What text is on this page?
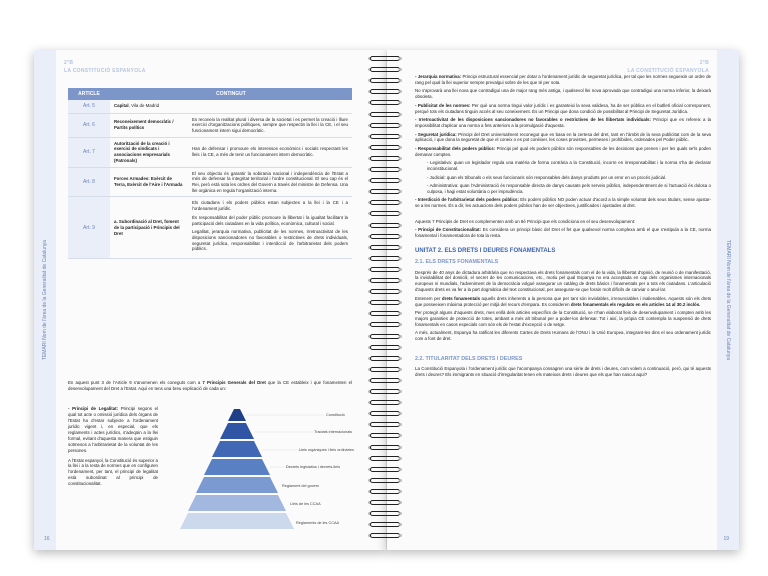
TEMARI Nom de l'àrea de la Generalitat de Catalunya
2°B
LA CONSTITUCIÓ ESPANYOLA
ARTICLE	CONTINGUT	
Art. 5	Capital, Vila de Madrid	
Art. 6	Reconeixement democràtic / Partits polítics	Es reconeix la realitat plural i diversa de la societat i es permet la creació i lliure exercici d'organitzacions polítiques, sempre que respectin la llei i la CE, i el seu funcionament intern sigui democràtic.
Art. 7	Autorització de la creació i exercici de sindicats i associacions empresarials (Patronals)	Han de defensar i promoure els interessos econòmics i socials respectant les lleis i la CE, a més de tenir un funcionament intern democràtic.
Art. 8	Forces Armades: Exèrcit de Terra, Exèrcit de l'Aire i l'Armada	El seu objectiu és garantir la sobirania nacional i independència de l'Estat a més de defensar la integritat territorial i l'ordre constitucional. El seu cap és el Rei, però està sota les ordres del Govern a través del ministre de Defensa. Una llei orgànica en regula l'organització interna.
Art. 9	a. Subordinació al Dret, foment de la participació i Principis del Dret	Els ciutadans i els poders públics estan subjectes a la llei i la CE i a l'ordenament jurídic.

És responsabilitat del poder públic promoure la llibertat i la igualtat facilitant la participació dels ciutadans en la vida política, econòmica, cultural i social.

Legalitat, jerarquia normativa, publicitat de les normes, irretroactivitat de les disposicions sancionadores no favorables o restrictives de drets individuals, seguretat jurídica, responsabilitat i interdicció de l'arbitrarietat dels poders públics.

En aquest punt 3 de l'Article 9 s'anomenen els coneguts com a 7 Principis Generals del Dret que la CE estableix i que fonamenten el desenvolupament del Dret a l'Estat. Aquí en tens una breu explicació de cada un:

- Principi de Legalitat: Principi segons el qual tot acte o omissió jurídica dels òrgans de l'Estat ha d'estar subjecte a l'ordenament jurídic vigent i, en especial, que els reglaments i actes jurídics, s'adeqüin a la llei formal, evitant d'aquesta manera que estiguin sotmesos a l'arbitrarietat de la voluntat de les persones.

A l'Estat espanyol, la Constitució és superior a la llei i a la resta de normes que en configuren l'ordenament, per tant, el principi de legalitat està subordinat al principi de constitucionalitat.

Constitució
Tractats internacionals
Lleis orgàniques i lleis ordinàries
Decrets legislatius i decrets-lleis
Reglament del govern
Lleis de les CCAA
Reglaments de les CCAA
16
TEMARI Nom de l'àrea de la Generalitat de Catalunya
2°B
LA CONSTITUCIÓ ESPANYOLA

- Jerarquia normativa: Principi estructural essencial per dotar a l'ordenament jurídic de seguretat jurídica, per tal que les normes segueixin un ordre de rang pel qual la llei superior sempre prevalgui sobre de les que té per sota.

No s'aprovarà una llei nova que contradigui una de major rang més antiga, i qualsevol llei nova aprovada que contradigui una norma inferior, la deixarà obsoleta.

- Publicitat de les normes: Per què una norma tingui valor jurídic i es garanteixi la seva validesa, ha de ser pública en el butlletí oficial corresponent, perquè tots els ciutadans tinguin accés al seu coneixement. És un Principi que dona condició de possibilitat al Principi de Seguretat Jurídica.

- Irretroactivitat de les disposicions sancionadores no favorables o restrictives de les llibertats individuals: Principi que es refereix a la impossibilitat d'aplicar una norma a fets anteriors a la promulgació d'aquesta.

- Seguretat jurídica: Principi del Dret universalment reconegut que es basa en la certesa del dret, tant en l'àmbit de la seva publicitat com de la seva aplicació, i que dona la seguretat de que el coneix o es pot conèixer, les coses provistes, permeses i prohibides, ordenades pel Poder públic.

- Responsabilitat dels poders públics: Principi pel qual els poders públics són responsables de les decisions que prenen i per les quals se'ls poden demanar comptes.

- Legislativa: quan un legislador regula una matèria de forma contrària a la Constitució, incorre en irresponsabilitat i la norma s'ha de declarar inconstitucional.

- Judicial: quan els tribunals o els seus funcionaris són responsables dels danys produïts per un error en un procés judicial.

- Administrativa: quan l'Administració és responsable directa de danys causats pels serveis públics, independentment de si l'actuació és dolosa o culposa, i hagi estat voluntària o per imprudència.

- Interdicció de l'arbitrarietat dels poders públics: Els poders públics NO poden actuar d'acord a la simple voluntat dels seus titulars, sense ajustar-se a les normes. És a dir, les actuacions dels poders públics han de ser objectives, justificades i ajustades al dret.

Aquests 7 Principis de Dret es complementen amb un 8è Principi que els condiciona en el seu desenvolupament:

- Principi de Constitucionalitat: Es considera un principi bàsic del Dret el fet que qualsevol norma complexa amb el que s'estipula a la CE, norma fonamental i fonamentadora de tota la resta.

UNITAT 2. ELS DRETS I DEURES FONAMENTALS
2.1. ELS DRETS FONAMENTALS

Després de 40 anys de dictadura arbitrària que no respectava els drets fonamentals com el de la vida, la llibertat d'opinió, de reunió o de manifestació, la inviolabilitat del domicili, el secret de les comunicacions, etc., motiu pel qual Espanya no era acceptada en cap dels organismes internacionals europeus ni mundials, l'adveniment de la democràcia volgué assegurar un catàleg de drets bàsics i fonamentals per a tots els ciutadans. L'articulació d'aquests drets es va fer a la part dogmàtica del text constitucional, per assegurar-se que fossin molt difícils de canviar o anul·lar.

Entenem per drets fonamentals aquells drets inherents a la persona que per tant són inviolables, irrenunciables i inalienables. Aquests són els drets que posseeixen màxima protecció per mitjà del recurs d'empara. Es consideren drets fonamentals els regulats en els articles 14 al 30.2 inclòs.

Per protegir alguns d'aquests drets, mes enllà dels articles específics de la Constitució, se n'han elaborat lleis de desenvolupament i compten amb les majors garanties de protecció de totes, ambant a més alt tribunal per a poder-los defensar. Tot i així, la pròpia CE contempla la suspensió de drets fonamentals en casos especials com són els de l'estat d'excepció o de setge.

A més, actualment, Espanya ha ratificat les diferents Cartes de Drets Humans de l'ONU i la Unió Europea, integrant-les dins el seu ordenament jurídic com a font de dret.

2.2. TITULARITAT DELS DRETS I DEURES

La Constitució Espanyola i l'ordenament jurídic que l'acompanya consagren una sèrie de drets i deures, com volem a continuació, però, qui té aquests drets i deures? Els immigrants en situació d'irregularitat tenen els mateixos drets i deures que els que han nascut aquí?

19
